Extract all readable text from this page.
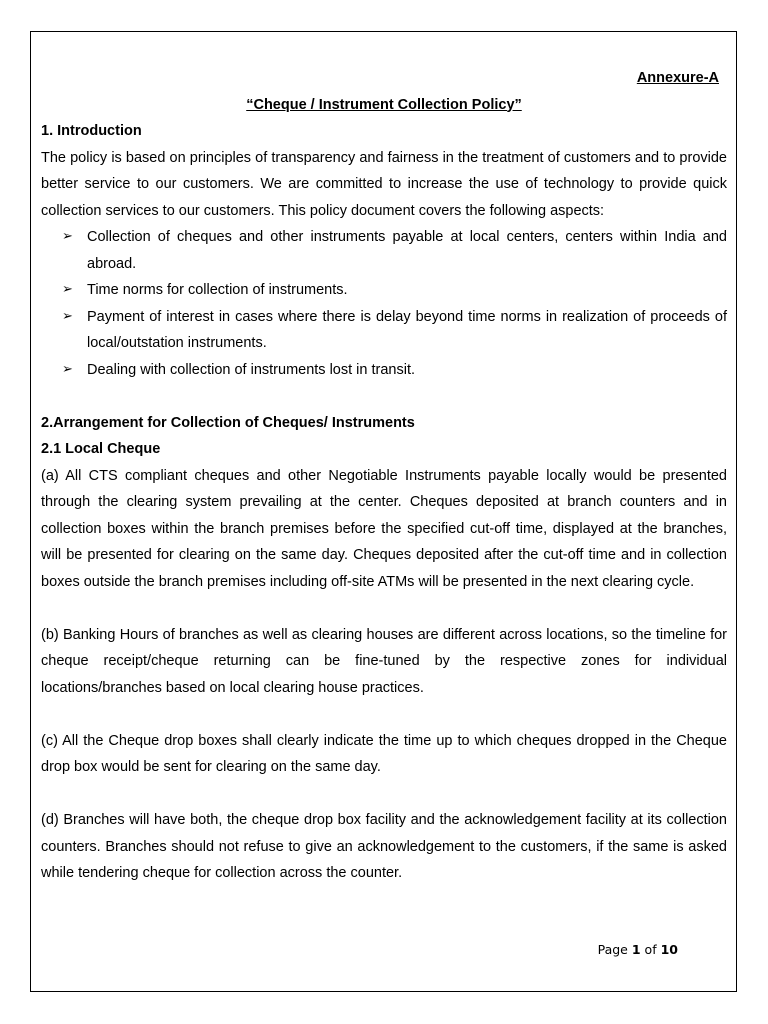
Annexure-A
“Cheque / Instrument Collection Policy”
1. Introduction

The policy is based on principles of transparency and fairness in the treatment of customers and to provide better service to our customers. We are committed to increase the use of technology to provide quick collection services to our customers. This policy document covers the following aspects:

➢ Collection of cheques and other instruments payable at local centers, centers within India and abroad.
➢ Time norms for collection of instruments.
➢ Payment of interest in cases where there is delay beyond time norms in realization of proceeds of local/outstation instruments.
➢ Dealing with collection of instruments lost in transit.
2.Arrangement for Collection of Cheques/ Instruments
2.1 Local Cheque

(a) All CTS compliant cheques and other Negotiable Instruments payable locally would be presented through the clearing system prevailing at the center. Cheques deposited at branch counters and in collection boxes within the branch premises before the specified cut-off time, displayed at the branches, will be presented for clearing on the same day. Cheques deposited after the cut-off time and in collection boxes outside the branch premises including off-site ATMs will be presented in the next clearing cycle.

(b) Banking Hours of branches as well as clearing houses are different across locations, so the timeline for cheque receipt/cheque returning can be fine-tuned by the respective zones for individual locations/branches based on local clearing house practices.

(c) All the Cheque drop boxes shall clearly indicate the time up to which cheques dropped in the Cheque drop box would be sent for clearing on the same day.

(d) Branches will have both, the cheque drop box facility and the acknowledgement facility at its collection counters. Branches should not refuse to give an acknowledgement to the customers, if the same is asked while tendering cheque for collection across the counter.

Page 1 of 10
